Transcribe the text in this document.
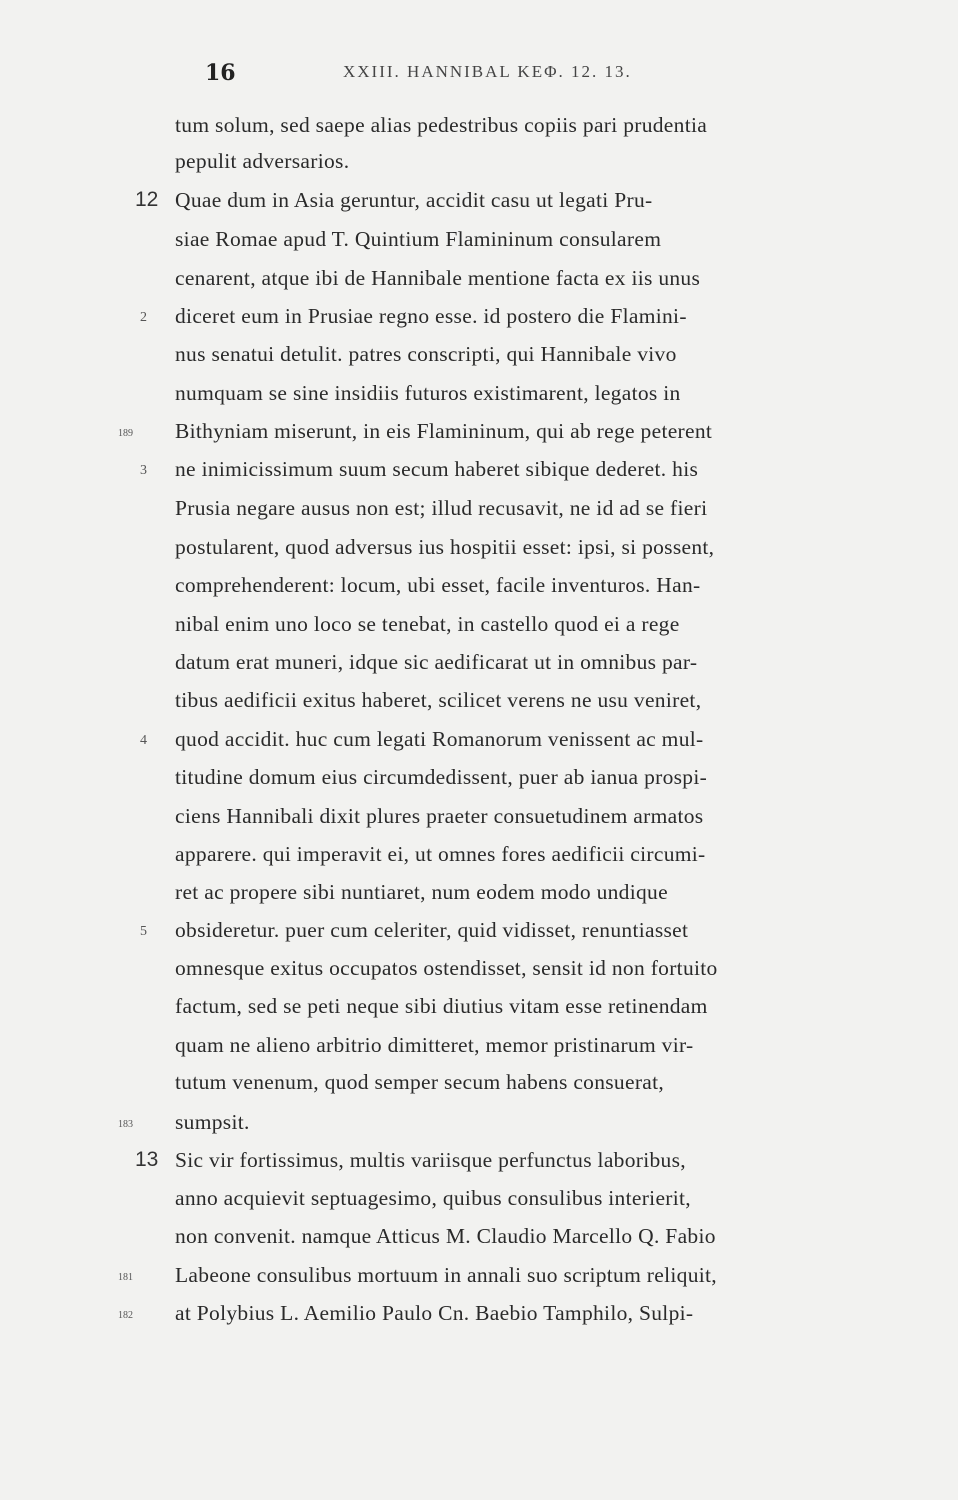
16	XXIII. HANNIBAL ΚΕΦ. 12. 13.
tum solum, sed saepe alias pedestribus copiis pari prudentia
pepulit adversarios.
Quae dum in Asia geruntur, accidit casu ut legati Pru-
siae Romae apud T. Quintium Flamininum consularem
cenarent, atque ibi de Hannibale mentione facta ex iis unus
diceret eum in Prusiae regno esse. id postero die Flamini-
nus senatui detulit. patres conscripti, qui Hannibale vivo
numquam se sine insidiis futuros existimarent, legatos in
Bithyniam miserunt, in eis Flamininum, qui ab rege peterent
ne inimicissimum suum secum haberet sibique dederet. his
Prusia negare ausus non est; illud recusavit, ne id ad se fieri
postularent, quod adversus ius hospitii esset: ipsi, si possent,
comprehenderent: locum, ubi esset, facile inventuros. Han-
nibal enim uno loco se tenebat, in castello quod ei a rege
datum erat muneri, idque sic aedificarat ut in omnibus par-
tibus aedificii exitus haberet, scilicet verens ne usu veniret,
quod accidit. huc cum legati Romanorum venissent ac mul-
titudine domum eius circumdedissent, puer ab ianua prospi-
ciens Hannibali dixit plures praeter consuetudinem armatos
apparere. qui imperavit ei, ut omnes fores aedificii circumi-
ret ac propere sibi nuntiaret, num eodem modo undique
obsideretur. puer cum celeriter, quid vidisset, renuntiasset
omnesque exitus occupatos ostendisset, sensit id non fortuito
factum, sed se peti neque sibi diutius vitam esse retinendam
quam ne alieno arbitrio dimitteret, memor pristinarum vir-
tutum venenum, quod semper secum habens consuerat,
sumpsit.
Sic vir fortissimus, multis variisque perfunctus laboribus,
anno acquievit septuagesimo, quibus consulibus interierit,
non convenit. namque Atticus M. Claudio Marcello Q. Fabio
Labeone consulibus mortuum in annali suo scriptum reliquit,
at Polybius L. Aemilio Paulo Cn. Baebio Tamphilo, Sulpi-
12
13
2
3
4
5
189
183
181
182
